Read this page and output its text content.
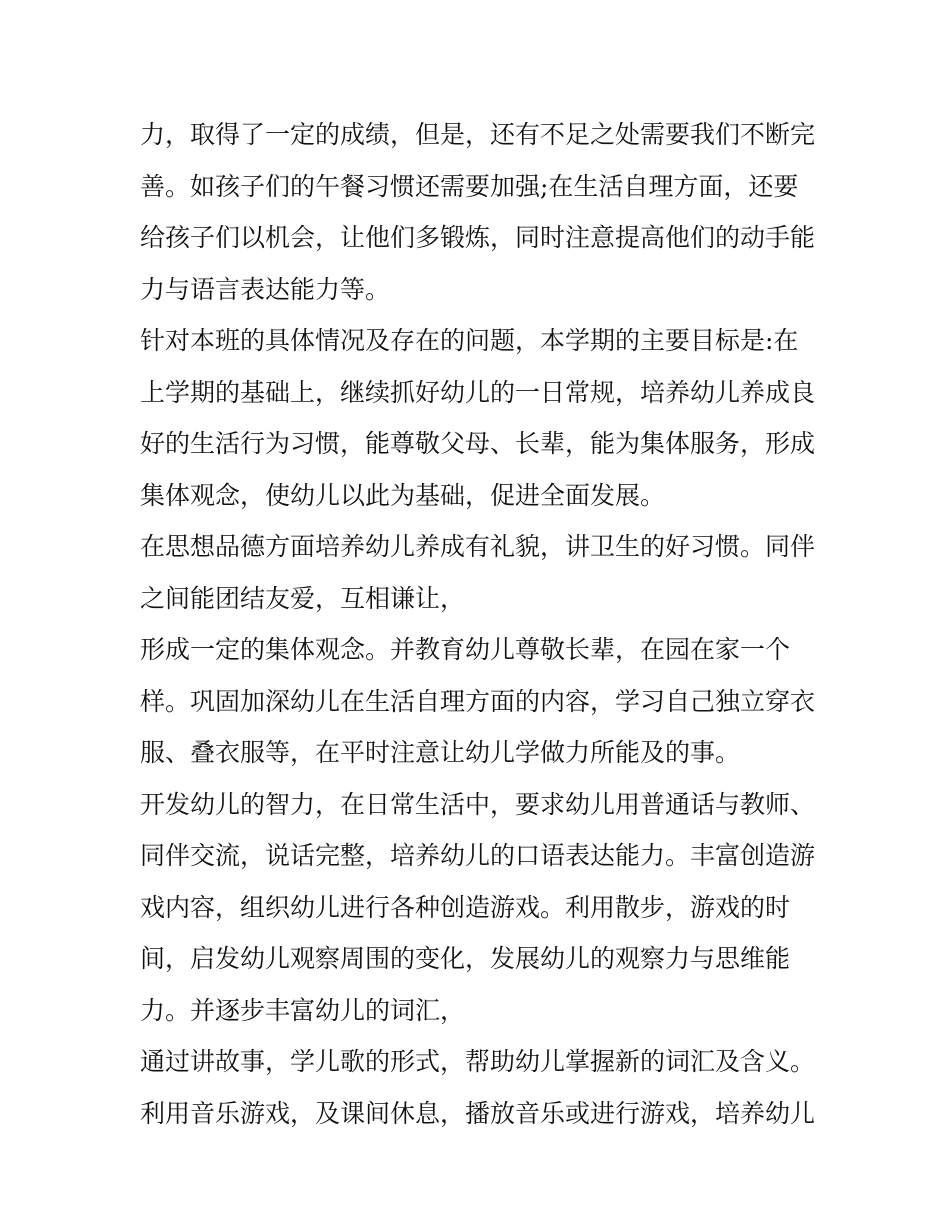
力，取得了一定的成绩，但是，还有不足之处需要我们不断完
善。如孩子们的午餐习惯还需要加强;在生活自理方面，还要
给孩子们以机会，让他们多锻炼，同时注意提高他们的动手能
力与语言表达能力等。
针对本班的具体情况及存在的问题，本学期的主要目标是:在
上学期的基础上，继续抓好幼儿的一日常规，培养幼儿养成良
好的生活行为习惯，能尊敬父母、长辈，能为集体服务，形成
集体观念，使幼儿以此为基础，促进全面发展。
在思想品德方面培养幼儿养成有礼貌，讲卫生的好习惯。同伴
之间能团结友爱，互相谦让，
形成一定的集体观念。并教育幼儿尊敬长辈，在园在家一个
样。巩固加深幼儿在生活自理方面的内容，学习自己独立穿衣
服、叠衣服等，在平时注意让幼儿学做力所能及的事。
开发幼儿的智力，在日常生活中，要求幼儿用普通话与教师、
同伴交流，说话完整，培养幼儿的口语表达能力。丰富创造游
戏内容，组织幼儿进行各种创造游戏。利用散步，游戏的时
间，启发幼儿观察周围的变化，发展幼儿的观察力与思维能
力。并逐步丰富幼儿的词汇，
通过讲故事，学儿歌的形式，帮助幼儿掌握新的词汇及含义。
利用音乐游戏，及课间休息，播放音乐或进行游戏，培养幼儿
